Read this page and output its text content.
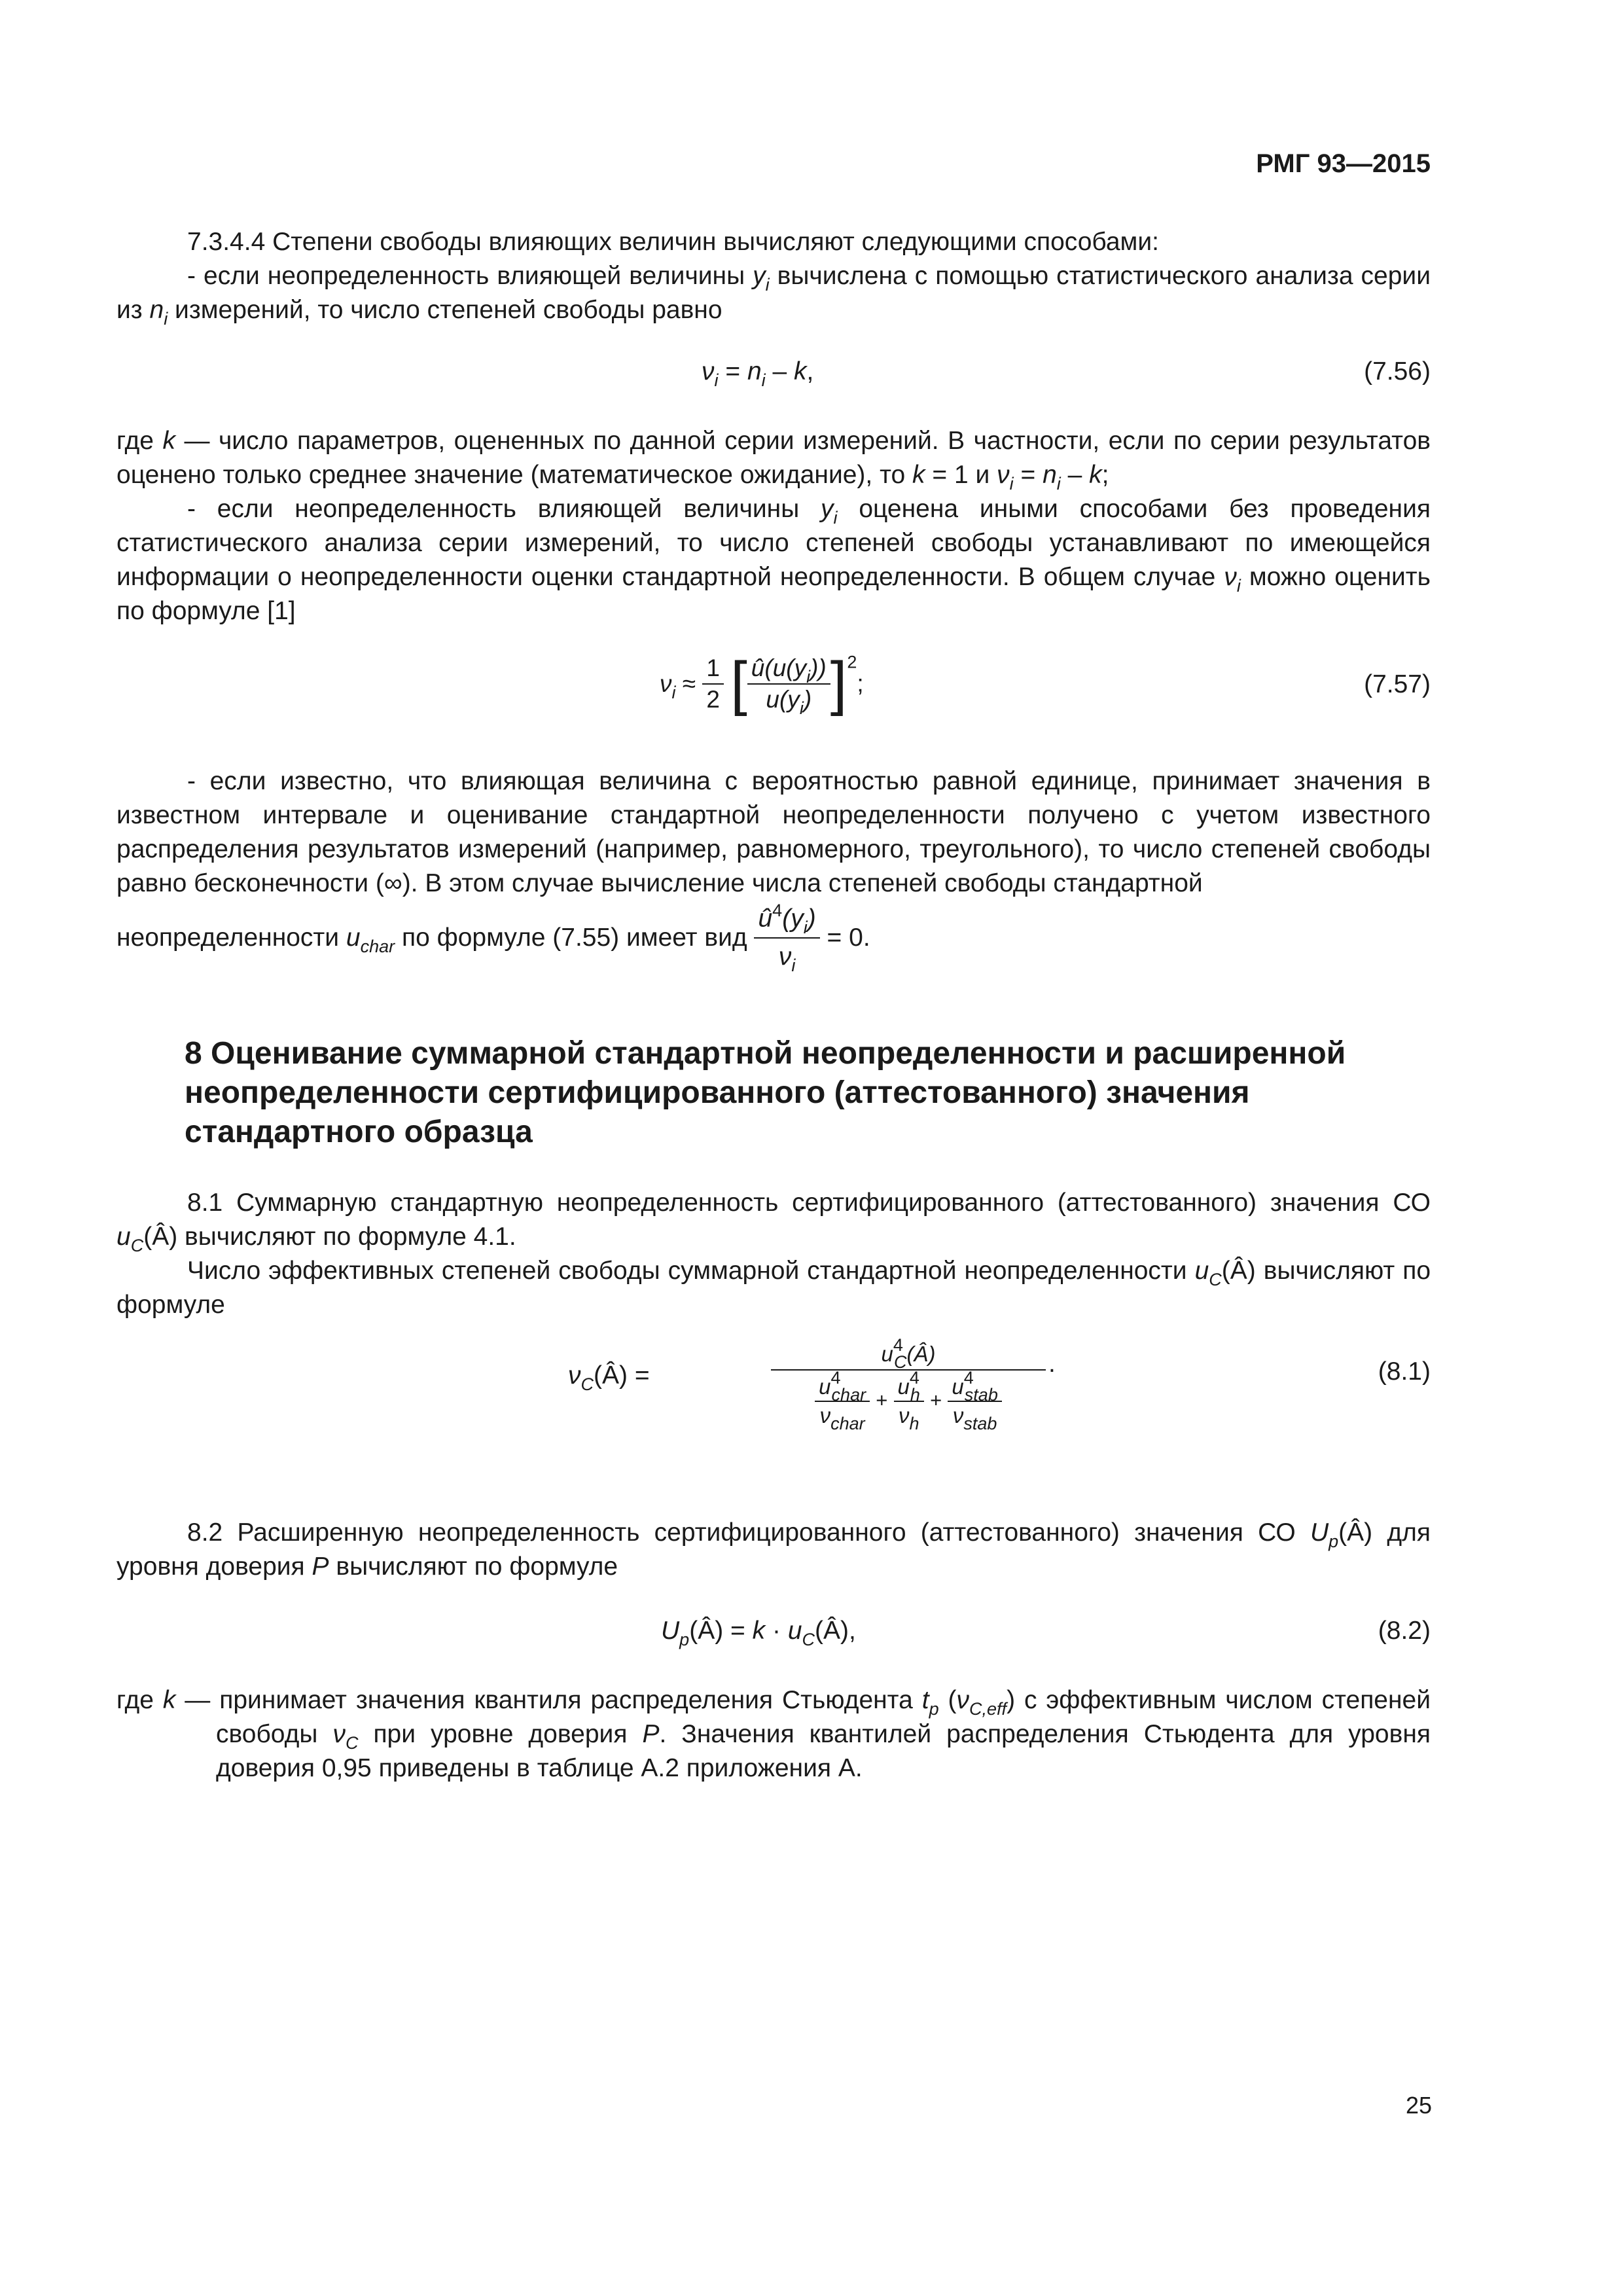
РМГ 93—2015
7.3.4.4 Степени свободы влияющих величин вычисляют следующими способами:
- если неопределенность влияющей величины $y_i$ вычислена с помощью статистического анализа серии из $n_i$ измерений, то число степеней свободы равно
$\nu_i = n_i - k$,	(7.56)
где k — число параметров, оцененных по данной серии измерений. В частности, если по серии результатов оценено только среднее значение (математическое ожидание), то k = 1 и $\nu_i = n_i - k$;
- если неопределенность влияющей величины $y_i$ оценена иными способами без проведения статистического анализа серии измерений, то число степеней свободы устанавливают по имеющейся информации о неопределенности оценки стандартной неопределенности. В общем случае $\nu_i$ можно оценить по формуле [1]
$\nu_i \approx \frac{1}{2}$ [ $\frac{û(u(y_i))}{u(y_i)} ]^2$;	(7.57)
- если известно, что влияющая величина с вероятностью равной единице, принимает значения в известном интервале и оценивание стандартной неопределенности получено с учетом известного распределения результатов измерений (например, равномерного, треугольного), то число степеней свободы равно бесконечности (∞). В этом случае вычисление числа степеней свободы стандартной
неопределенности $u_{char}$ по формуле (7.55) имеет вид $\frac{û^4(y_i)}{\nu_i} = 0$.
8 Оценивание суммарной стандартной неопределенности и расширенной неопределенности сертифицированного (аттестованного) значения стандартного образца
8.1 Суммарную стандартную неопределенность сертифицированного (аттестованного) значения СО $u_C(Â)$ вычисляют по формуле 4.1.
Число эффективных степеней свободы суммарной стандартной неопределенности $u_C(Â)$ вычисляют по формуле
$\nu_C(Â)$ =
$u^4_C(Â)$
$\frac{u^4_{char}}{\nu_{char}} + \frac{u^4_h}{\nu_h} + \frac{u^4_{stab}}{\nu_{stab}}$
.	(8.1)
8.2 Расширенную неопределенность сертифицированного (аттестованного) значения СО $U_p(Â)$ для уровня доверия P вычисляют по формуле
$U_p(Â) = k$ · $u_C(Â)$,	(8.2)
где k — принимает значения квантиля распределения Стьюдента $t_p$ $(\nu_{C,eff})$ с эффективным числом степеней свободы $\nu_C$ при уровне доверия P. Значения квантилей распределения Стьюдента для уровня доверия 0,95 приведены в таблице А.2 приложения А.
25
